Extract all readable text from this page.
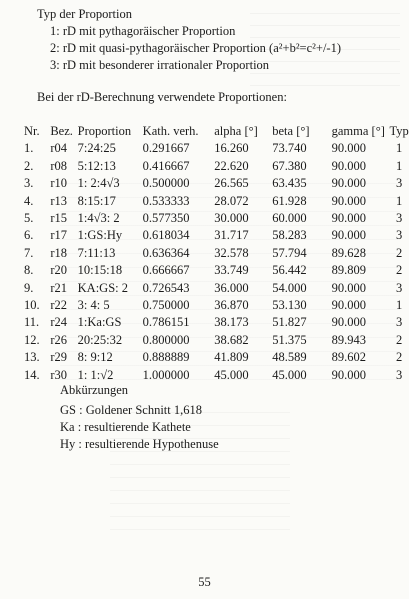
Typ der Proportion
1: rD mit pythagoräischer Proportion
2: rD mit quasi-pythagoräischer Proportion (a²+b²=c²+/-1)
3: rD mit besonderer irrationaler Proportion
Bei der rD-Berechnung verwendete Proportionen:
Nr.	Bez.	Proportion	Kath. verh.	alpha [°]	beta [°]	gamma [°]	Typ
1.	r04	7:24:25	0.291667	16.260	73.740	90.000	1
2.	r08	5:12:13	0.416667	22.620	67.380	90.000	1
3.	r10	1: 2:4√3	0.500000	26.565	63.435	90.000	3
4.	r13	8:15:17	0.533333	28.072	61.928	90.000	1
5.	r15	1:4√3: 2	0.577350	30.000	60.000	90.000	3
6.	r17	1:GS:Hy	0.618034	31.717	58.283	90.000	3
7.	r18	7:11:13	0.636364	32.578	57.794	89.628	2
8.	r20	10:15:18	0.666667	33.749	56.442	89.809	2
9.	r21	KA:GS: 2	0.726543	36.000	54.000	90.000	3
10.	r22	3: 4: 5	0.750000	36.870	53.130	90.000	1
11.	r24	1:Ka:GS	0.786151	38.173	51.827	90.000	3
12.	r26	20:25:32	0.800000	38.682	51.375	89.943	2
13.	r29	8: 9:12	0.888889	41.809	48.589	89.602	2
14.	r30	1: 1:√2	1.000000	45.000	45.000	90.000	3
Abkürzungen
GS : Goldener Schnitt 1,618
Ka : resultierende Kathete
Hy : resultierende Hypothenuse
55
